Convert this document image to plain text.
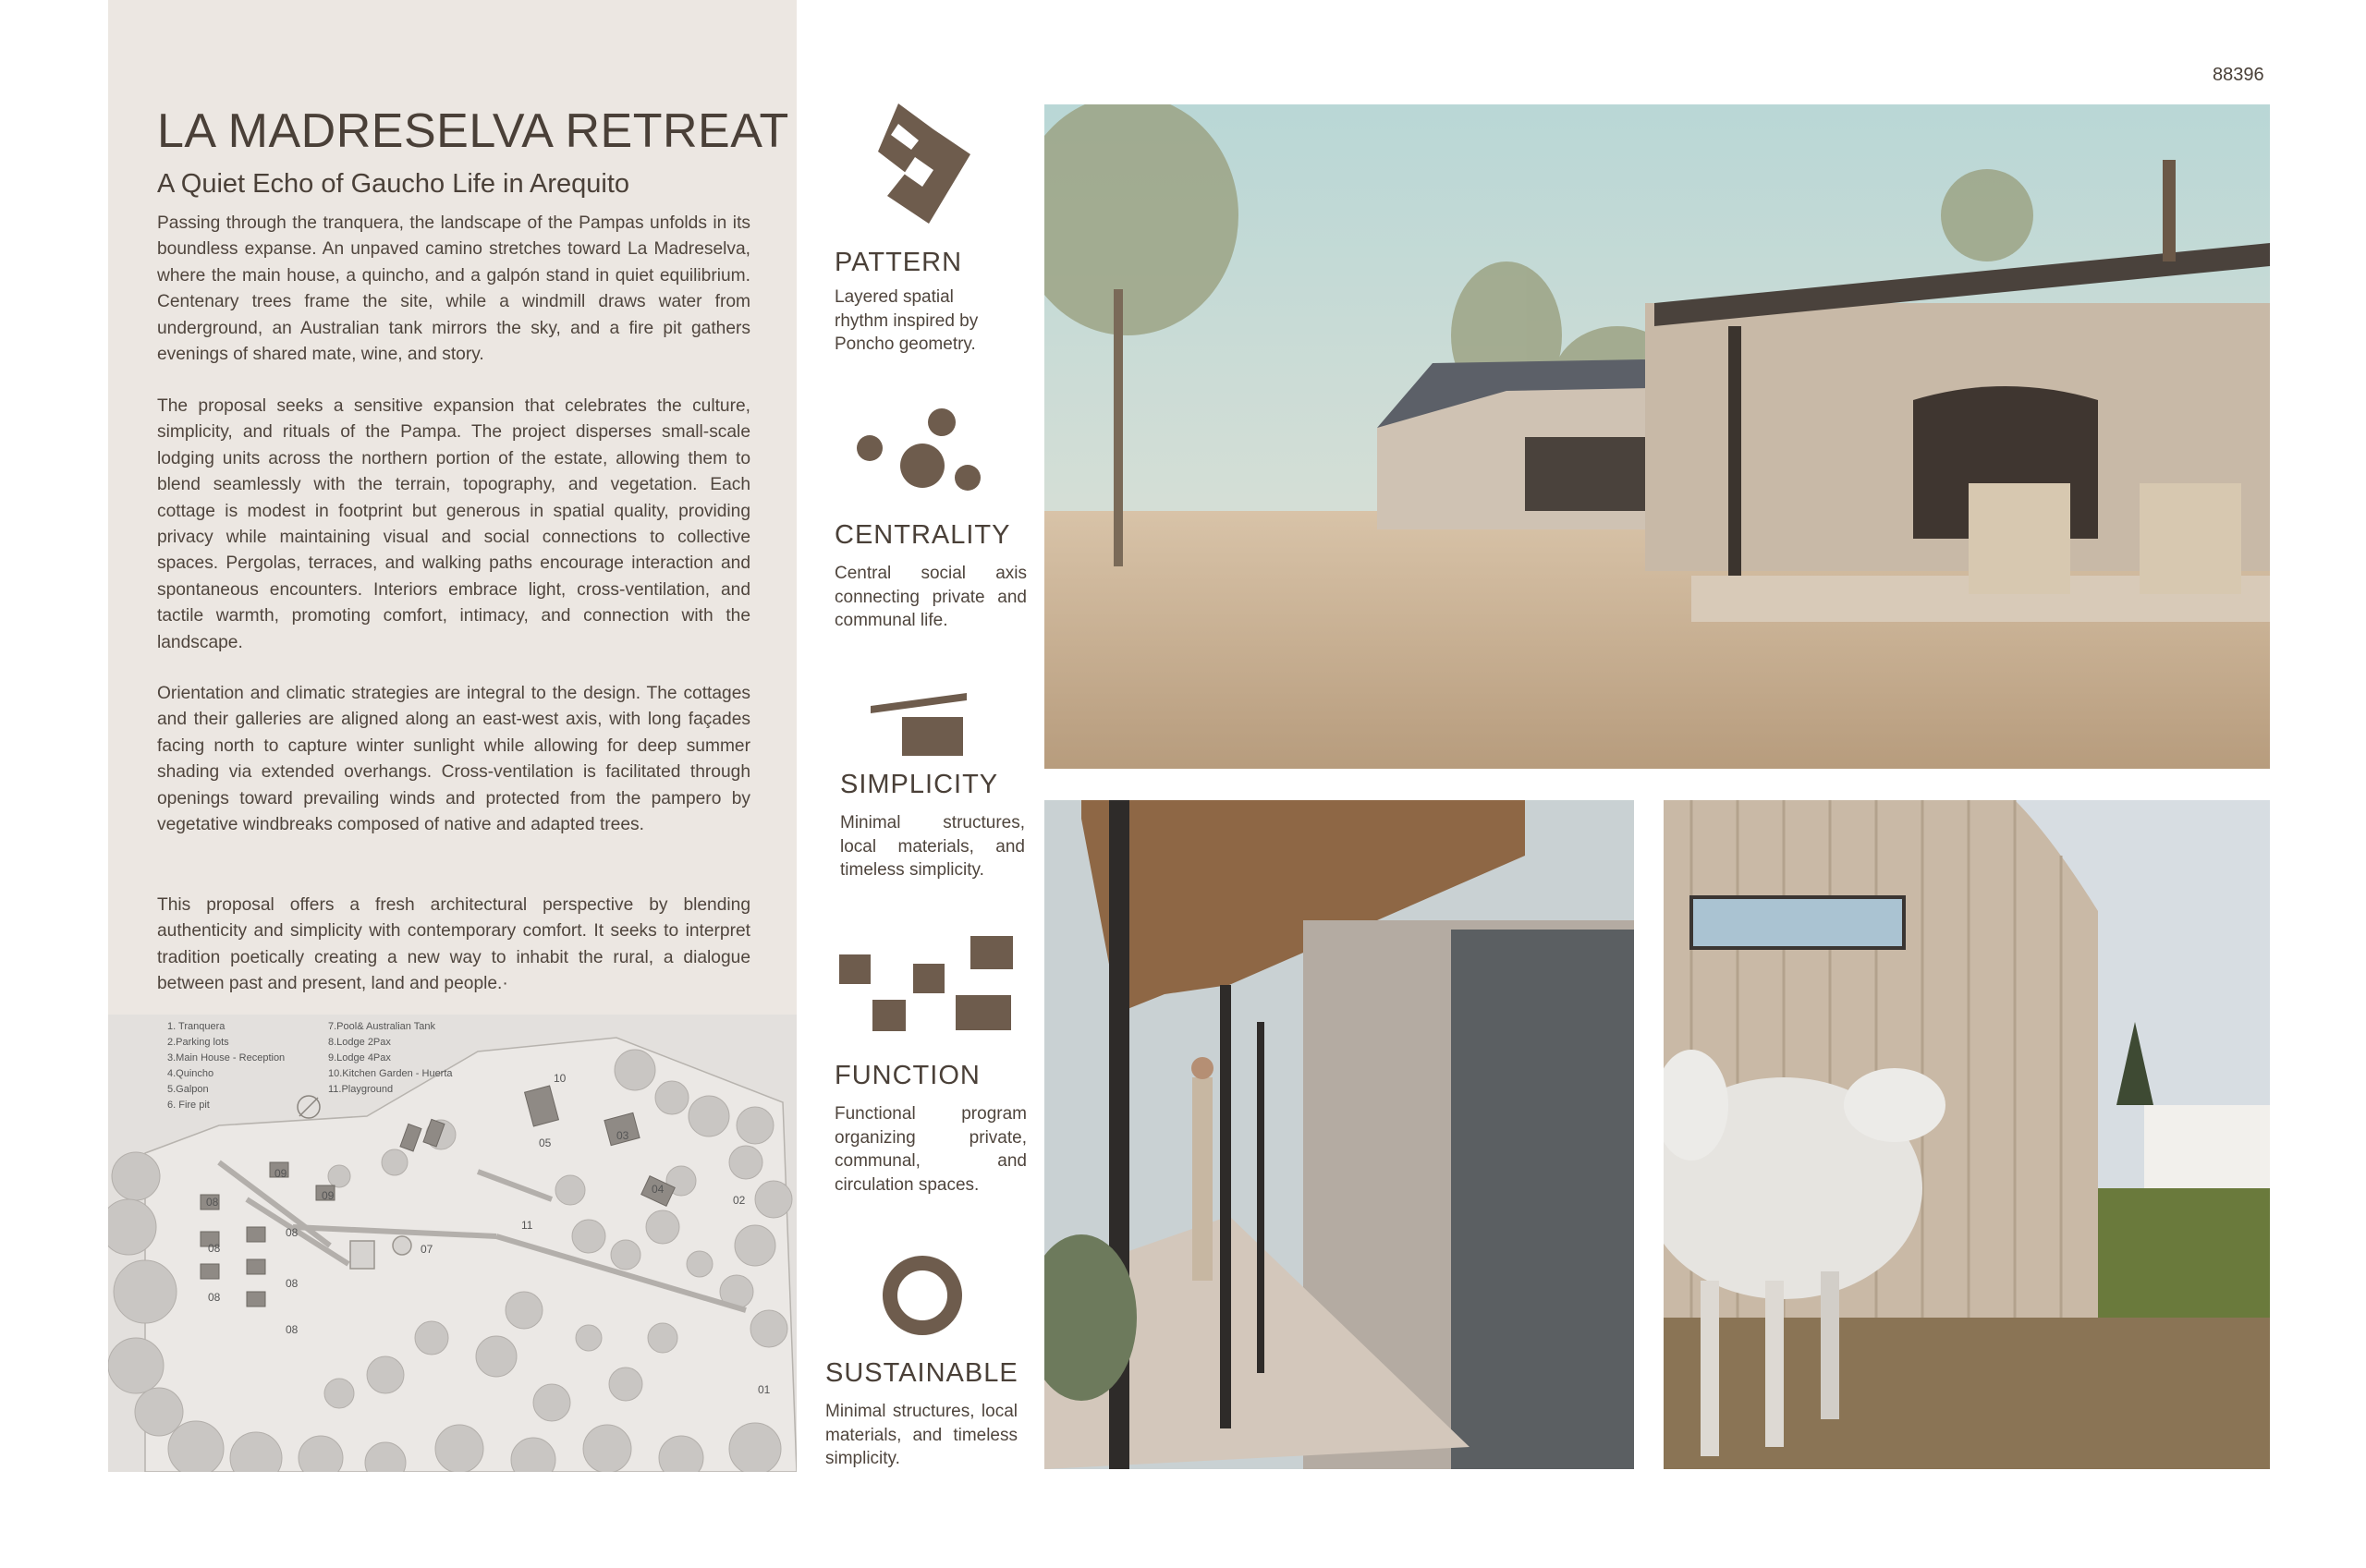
LA MADRESELVA RETREAT
A Quiet Echo of Gaucho Life in Arequito

Passing through the tranquera, the landscape of the Pampas unfolds in its boundless expanse. An unpaved camino stretches toward La Madreselva, where the main house, a quincho, and a galpón stand in quiet equilibrium. Centenary trees frame the site, while a windmill draws water from underground, an Australian tank mirrors the sky, and a fire pit gathers evenings of shared mate, wine, and story.

The proposal seeks a sensitive expansion that celebrates the culture, simplicity, and rituals of the Pampa. The project disperses small-scale lodging units across the northern portion of the estate, allowing them to blend seamlessly with the terrain, topography, and vegetation. Each cottage is modest in footprint but generous in spatial quality, providing privacy while maintaining visual and social connections to collective spaces. Pergolas, terraces, and walking paths encourage interaction and spontaneous encounters. Interiors embrace light, cross-ventilation, and tactile warmth, promoting comfort, intimacy, and connection with the landscape.

Orientation and climatic strategies are integral to the design. The cottages and their galleries are aligned along an east-west axis, with long façades facing north to capture winter sunlight while allowing for deep summer shading via extended overhangs. Cross-ventilation is facilitated through openings toward prevailing winds and protected from the pampero by vegetative windbreaks composed of native and adapted trees.

This proposal offers a fresh architectural perspective by blending authenticity and simplicity with contemporary comfort. It seeks to interpret tradition poetically creating a new way to inhabit the rural, a dialogue between past and present, land and people.·

10
05
03
09
09
08
08
08
08
08
08
07
04
02
11
01
1. Tranquera
2.Parking lots
3.Main House - Reception
4.Quincho
5.Galpon
6. Fire pit
7.Pool& Australian Tank
8.Lodge 2Pax
9.Lodge 4Pax
10.Kitchen Garden - Huerta
11.Playground
PATTERN
Layered spatial rhythm inspired by Poncho geometry.
CENTRALITY
Central social axis connecting private and communal life.
SIMPLICITY
Minimal structures, local materials, and timeless simplicity.
FUNCTION
Functional program organizing private, communal, and circulation spaces.
SUSTAINABLE
Minimal structures, local materials, and timeless simplicity.
88396
